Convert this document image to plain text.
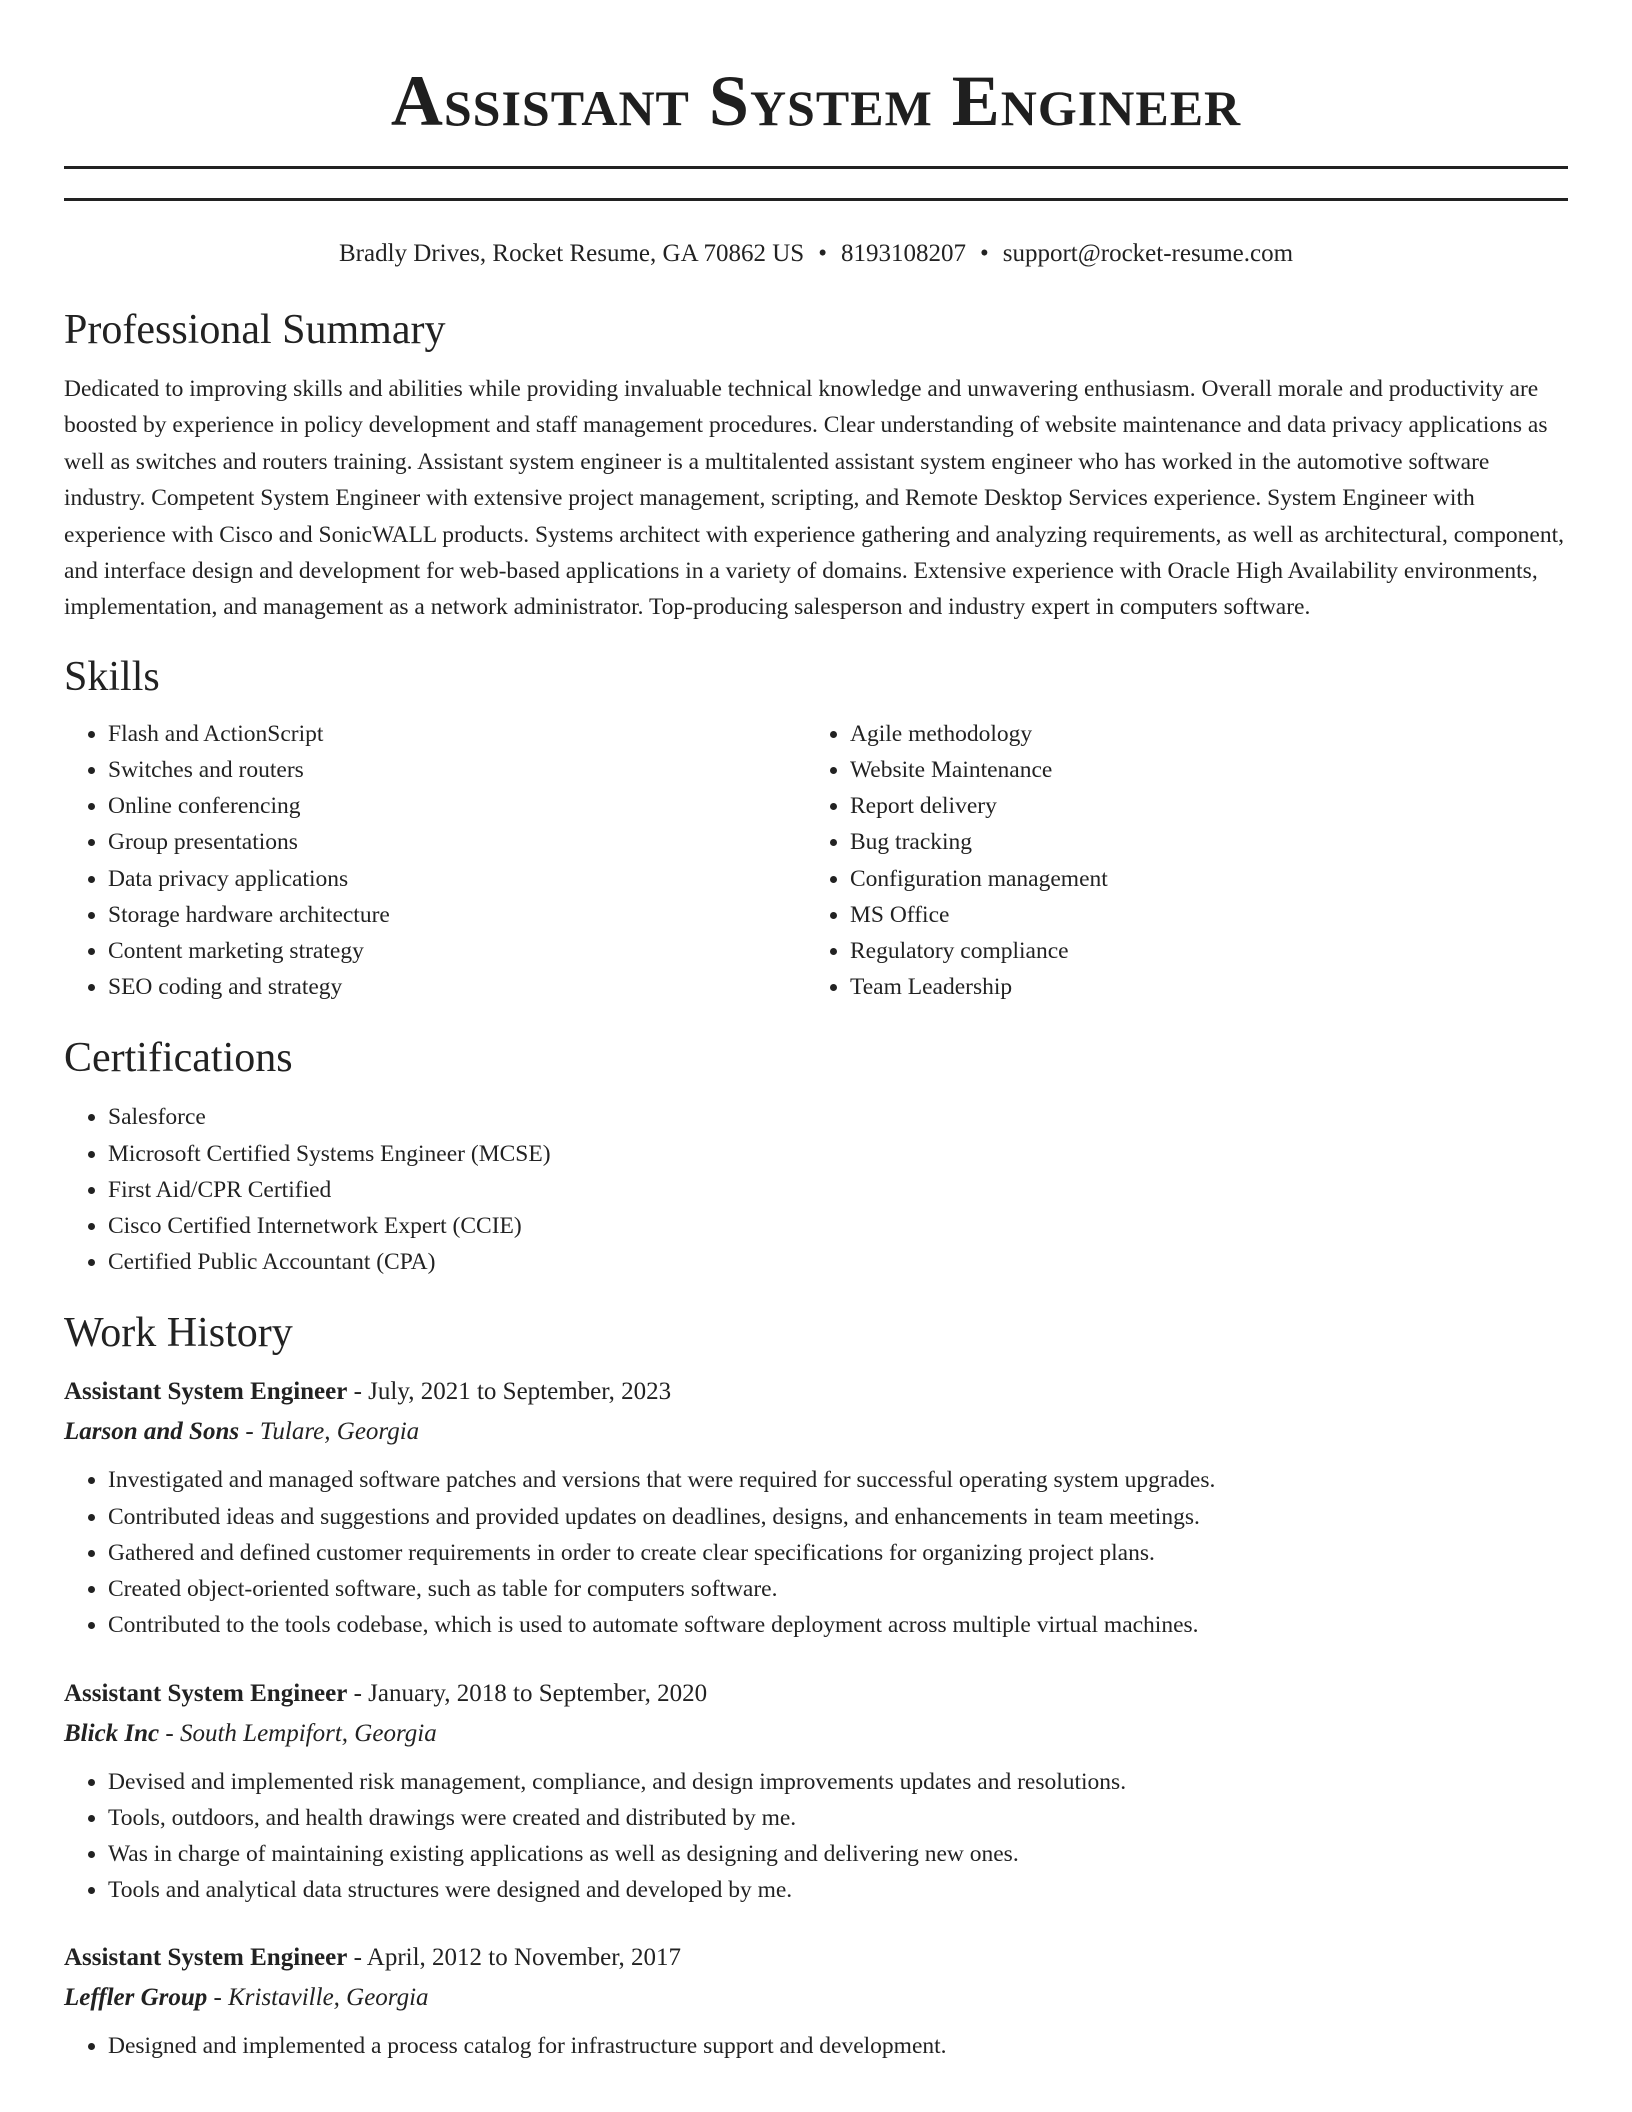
Assistant System Engineer
Bradly Drives, Rocket Resume, GA 70862 US • 8193108207 • support@rocket-resume.com
Professional Summary

Dedicated to improving skills and abilities while providing invaluable technical knowledge and unwavering enthusiasm. Overall morale and productivity are boosted by experience in policy development and staff management procedures. Clear understanding of website maintenance and data privacy applications as well as switches and routers training. Assistant system engineer is a multitalented assistant system engineer who has worked in the automotive software industry. Competent System Engineer with extensive project management, scripting, and Remote Desktop Services experience. System Engineer with experience with Cisco and SonicWALL products. Systems architect with experience gathering and analyzing requirements, as well as architectural, component, and interface design and development for web-based applications in a variety of domains. Extensive experience with Oracle High Availability environments, implementation, and management as a network administrator. Top-producing salesperson and industry expert in computers software.

Skills
• Flash and ActionScript
• Switches and routers
• Online conferencing
• Group presentations
• Data privacy applications
• Storage hardware architecture
• Content marketing strategy
• SEO coding and strategy
• Agile methodology
• Website Maintenance
• Report delivery
• Bug tracking
• Configuration management
• MS Office
• Regulatory compliance
• Team Leadership
Certifications
• Salesforce
• Microsoft Certified Systems Engineer (MCSE)
• First Aid/CPR Certified
• Cisco Certified Internetwork Expert (CCIE)
• Certified Public Accountant (CPA)
Work History
Assistant System Engineer - July, 2021 to September, 2023
Larson and Sons - Tulare, Georgia
• Investigated and managed software patches and versions that were required for successful operating system upgrades.
• Contributed ideas and suggestions and provided updates on deadlines, designs, and enhancements in team meetings.
• Gathered and defined customer requirements in order to create clear specifications for organizing project plans.
• Created object-oriented software, such as table for computers software.
• Contributed to the tools codebase, which is used to automate software deployment across multiple virtual machines.
Assistant System Engineer - January, 2018 to September, 2020
Blick Inc - South Lempifort, Georgia
• Devised and implemented risk management, compliance, and design improvements updates and resolutions.
• Tools, outdoors, and health drawings were created and distributed by me.
• Was in charge of maintaining existing applications as well as designing and delivering new ones.
• Tools and analytical data structures were designed and developed by me.
Assistant System Engineer - April, 2012 to November, 2017
Leffler Group - Kristaville, Georgia
• Designed and implemented a process catalog for infrastructure support and development.
